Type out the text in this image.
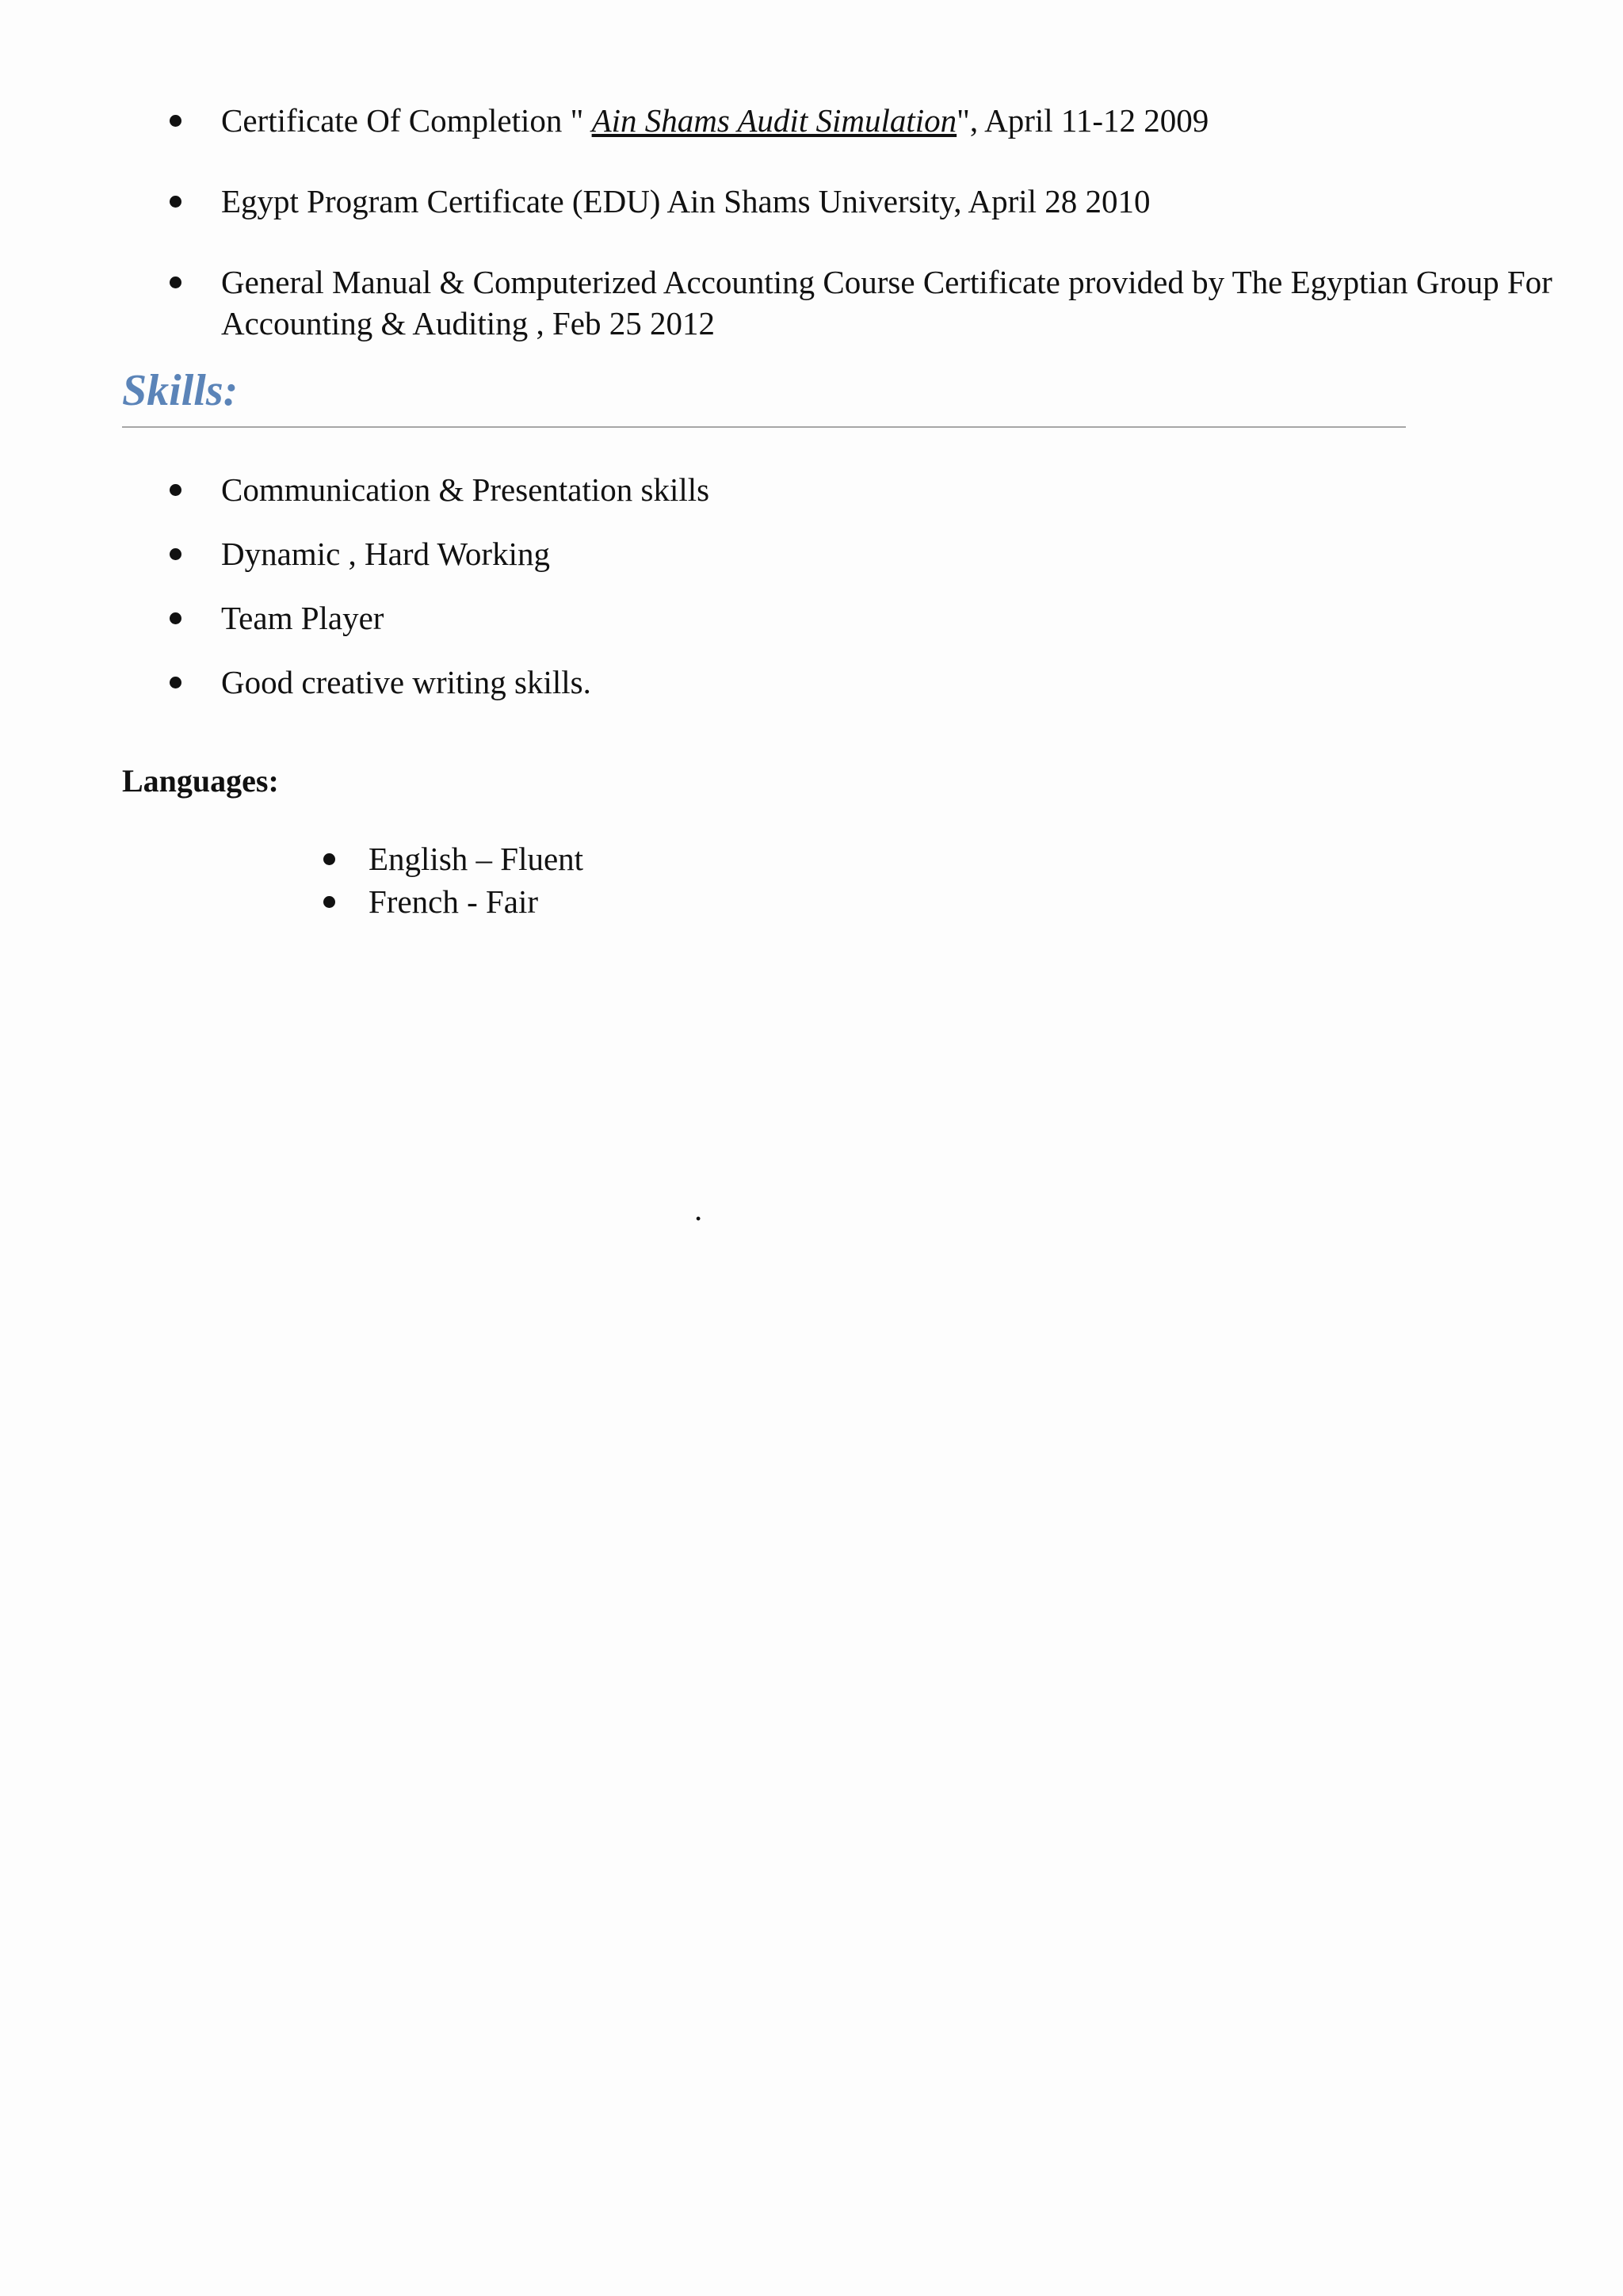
Certificate Of Completion " Ain Shams Audit Simulation", April 11-12 2009
Egypt Program Certificate (EDU) Ain Shams University, April 28 2010
General Manual & Computerized Accounting Course Certificate provided by The Egyptian Group For Accounting & Auditing , Feb 25 2012
Skills:
Communication & Presentation skills
Dynamic , Hard Working
Team Player
Good creative writing skills.
Languages:
English – Fluent
French - Fair
.
